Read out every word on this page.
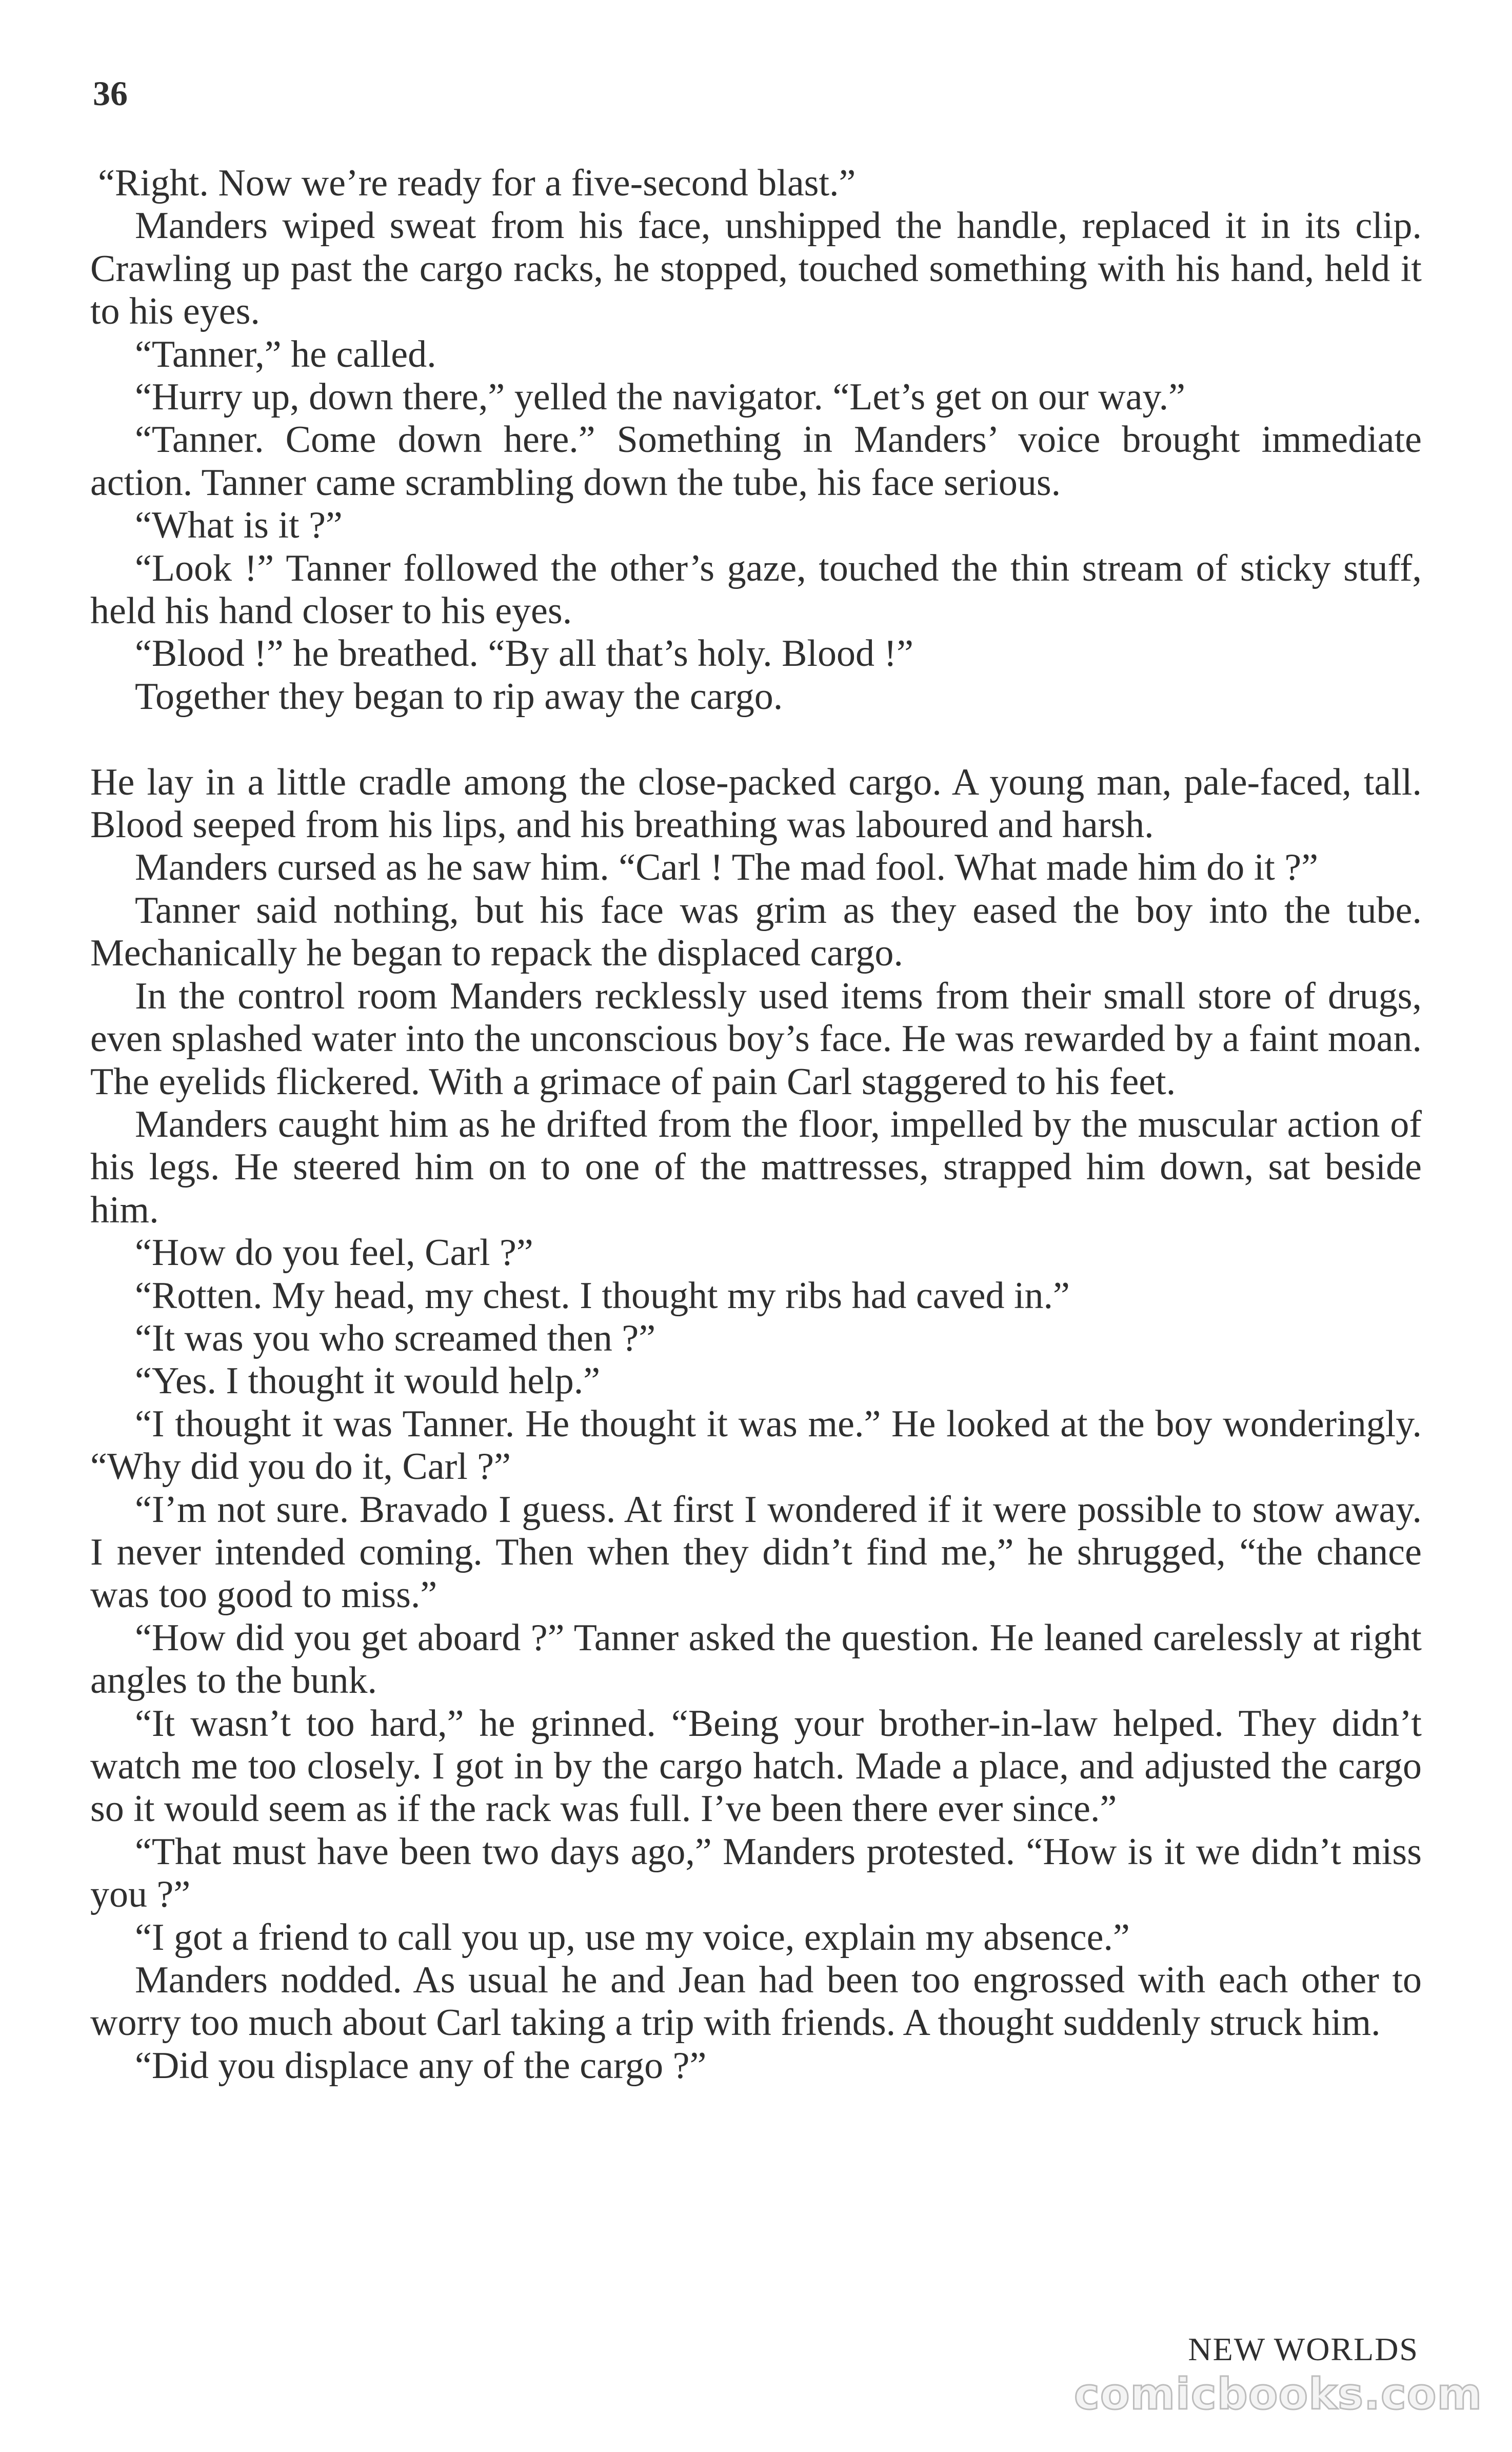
36

“Right. Now we’re ready for a five-second blast.”

Manders wiped sweat from his face, unshipped the handle, replaced it in its clip. Crawling up past the cargo racks, he stopped, touched something with his hand, held it to his eyes.

“Tanner,” he called.

“Hurry up, down there,” yelled the navigator. “Let’s get on our way.”

“Tanner. Come down here.” Something in Manders’ voice brought immediate action. Tanner came scrambling down the tube, his face serious.

“What is it ?”

“Look !” Tanner followed the other’s gaze, touched the thin stream of sticky stuff, held his hand closer to his eyes.

“Blood !” he breathed. “By all that’s holy. Blood !”

Together they began to rip away the cargo.

He lay in a little cradle among the close-packed cargo. A young man, pale-faced, tall. Blood seeped from his lips, and his breathing was laboured and harsh.

Manders cursed as he saw him. “Carl ! The mad fool. What made him do it ?”

Tanner said nothing, but his face was grim as they eased the boy into the tube. Mechanically he began to repack the displaced cargo.

In the control room Manders recklessly used items from their small store of drugs, even splashed water into the unconscious boy’s face. He was rewarded by a faint moan. The eyelids flickered. With a grimace of pain Carl staggered to his feet.

Manders caught him as he drifted from the floor, impelled by the muscular action of his legs. He steered him on to one of the mattresses, strapped him down, sat beside him.

“How do you feel, Carl ?”

“Rotten. My head, my chest. I thought my ribs had caved in.”

“It was you who screamed then ?”

“Yes. I thought it would help.”

“I thought it was Tanner. He thought it was me.” He looked at the boy wonderingly. “Why did you do it, Carl ?”

“I’m not sure. Bravado I guess. At first I wondered if it were possible to stow away. I never intended coming. Then when they didn’t find me,” he shrugged, “the chance was too good to miss.”

“How did you get aboard ?” Tanner asked the question. He leaned carelessly at right angles to the bunk.

“It wasn’t too hard,” he grinned. “Being your brother-in-law helped. They didn’t watch me too closely. I got in by the cargo hatch. Made a place, and adjusted the cargo so it would seem as if the rack was full. I’ve been there ever since.”

“That must have been two days ago,” Manders protested. “How is it we didn’t miss you ?”

“I got a friend to call you up, use my voice, explain my absence.”

Manders nodded. As usual he and Jean had been too engrossed with each other to worry too much about Carl taking a trip with friends. A thought suddenly struck him.

“Did you displace any of the cargo ?”

NEW WORLDS
comicbooks.com
